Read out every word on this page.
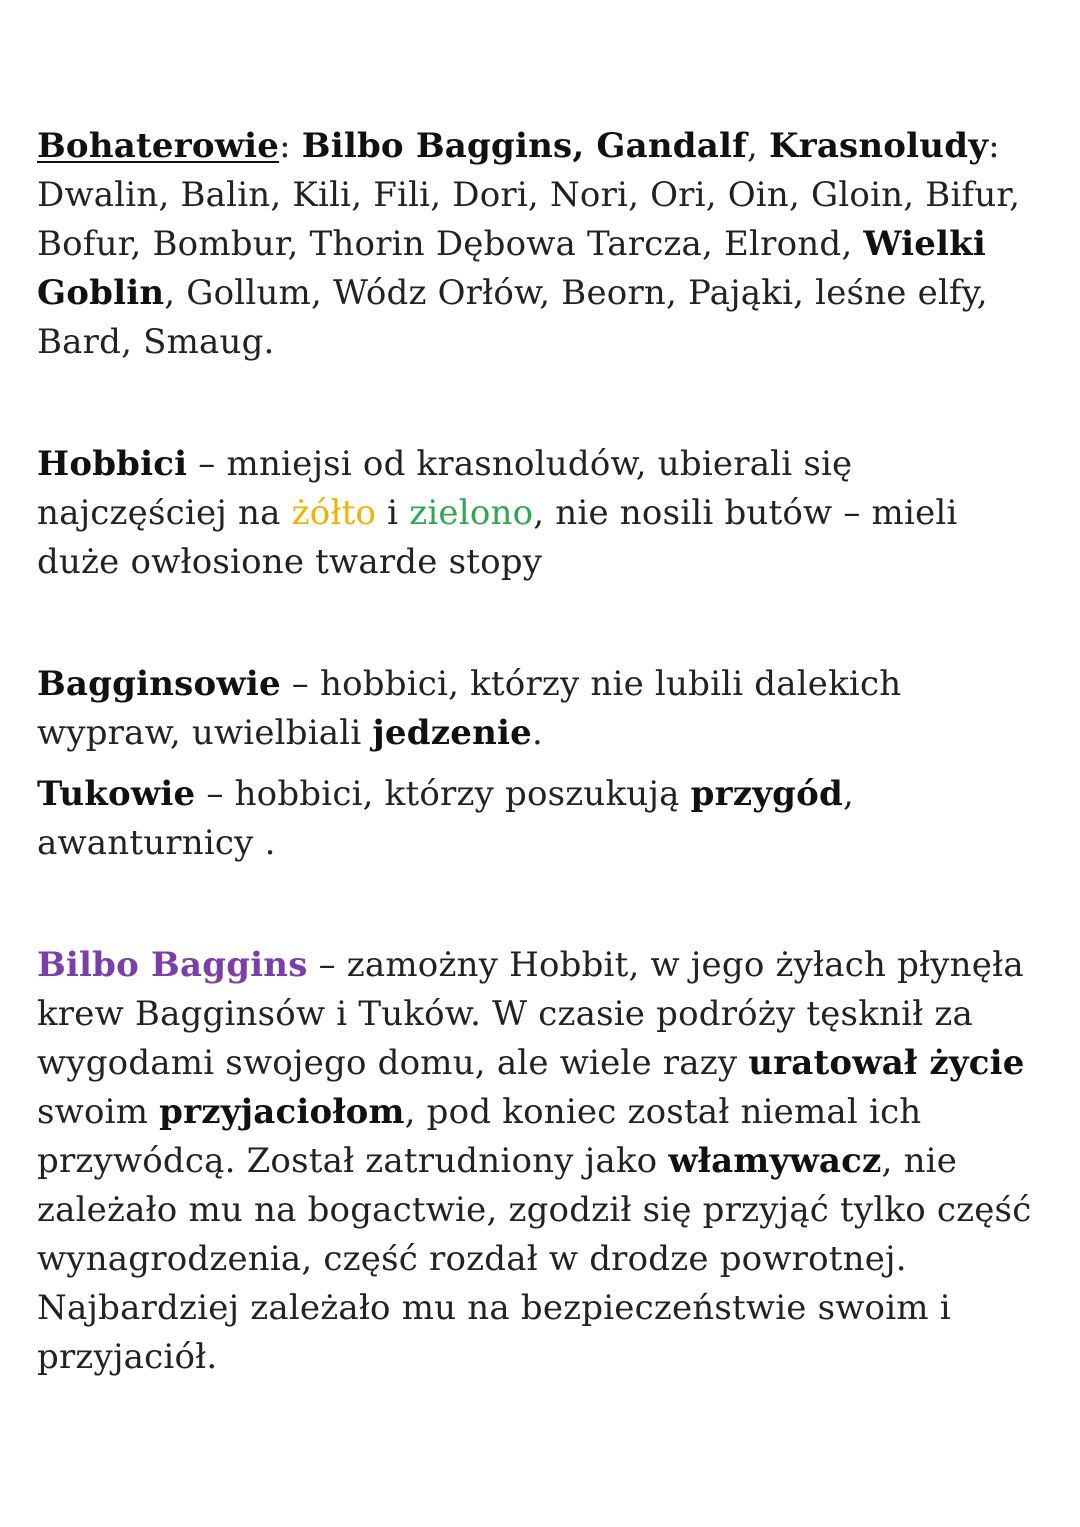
Bohaterowie: Bilbo Baggins, Gandalf, Krasnoludy: Dwalin, Balin, Kili, Fili, Dori, Nori, Ori, Oin, Gloin, Bifur, Bofur, Bombur, Thorin Dębowa Tarcza, Elrond, Wielki Goblin, Gollum, Wódz Orłów, Beorn, Pająki, leśne elfy, Bard, Smaug.

Hobbici – mniejsi od krasnoludów, ubierali się najczęściej na żółto i zielono, nie nosili butów – mieli duże owłosione twarde stopy

Bagginsowie – hobbici, którzy nie lubili dalekich wypraw, uwielbiali jedzenie.

Tukowie – hobbici, którzy poszukują przygód, awanturnicy .

Bilbo Baggins – zamożny Hobbit, w jego żyłach płynęła krew Bagginsów i Tuków. W czasie podróży tęsknił za wygodami swojego domu, ale wiele razy uratował życie swoim przyjaciołom, pod koniec został niemal ich przywódcą. Został zatrudniony jako włamywacz, nie zależało mu na bogactwie, zgodził się przyjąć tylko część wynagrodzenia, część rozdał w drodze powrotnej. Najbardziej zależało mu na bezpieczeństwie swoim i przyjaciół.
